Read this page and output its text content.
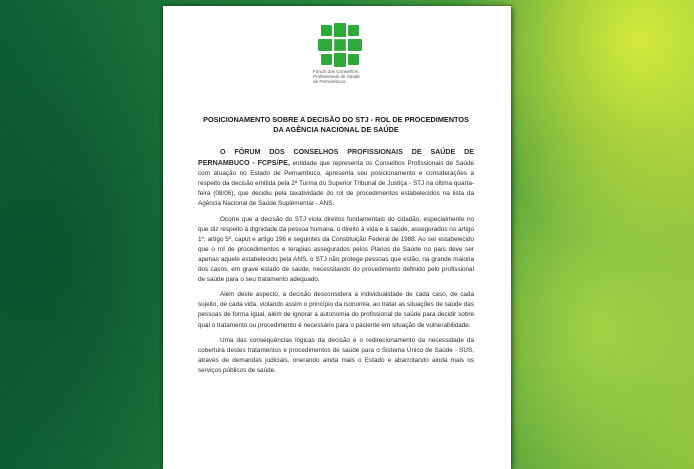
Fórum dos Conselhos
Profissionais de Saúde
de Pernambuco
POSICIONAMENTO SOBRE A DECISÃO DO STJ - ROL DE PROCEDIMENTOS
DA AGÊNCIA NACIONAL DE SAÚDE

O FÓRUM DOS CONSELHOS PROFISSIONAIS DE SAÚDE DE PERNAMBUCO - FCPS/PE, entidade que representa os Conselhos Profissionais de Saúde com atuação no Estado de Pernambuco, apresenta seu posicionamento e considerações a respeito da decisão emitida pela 2ª Turma do Superior Tribunal de Justiça - STJ na última quarta-feira (08/06), que decidiu pela taxatividade do rol de procedimentos estabelecidos na lista da Agência Nacional de Saúde Suplementar - ANS.

Ocorre que a decisão do STJ viola direitos fundamentais do cidadão, especialmente no que diz respeito à dignidade da pessoa humana, o direito à vida e à saúde, assegurados no artigo 1º, artigo 5º, caput e artigo 196 e seguintes da Constituição Federal de 1988. Ao ser estabelecido que o rol de procedimentos e terapias assegurados pelos Planos de Saúde no país deve ser apenas aquele estabelecido pela ANS, o STJ não protege pessoas que estão, na grande maioria dos casos, em grave estado de saúde, necessitando do procedimento definido pelo profissional de saúde para o seu tratamento adequado.

Além deste aspecto, a decisão desconsidera a individualidade de cada caso, de cada sujeito, de cada vida, violando assim o princípio da isonomia, ao tratar as situações de saúde das pessoas de forma igual, além de ignorar a autonomia do profissional de saúde para decidir sobre qual o tratamento ou procedimento é necessário para o paciente em situação de vulnerabilidade.

Uma das consequências lógicas da decisão é o redirecionamento da necessidade da cobertura destes tratamentos e procedimentos de saúde para o Sistema Único de Saúde - SUS, através de demandas judiciais, onerando ainda mais o Estado e abarrotando ainda mais os serviços públicos de saúde.
